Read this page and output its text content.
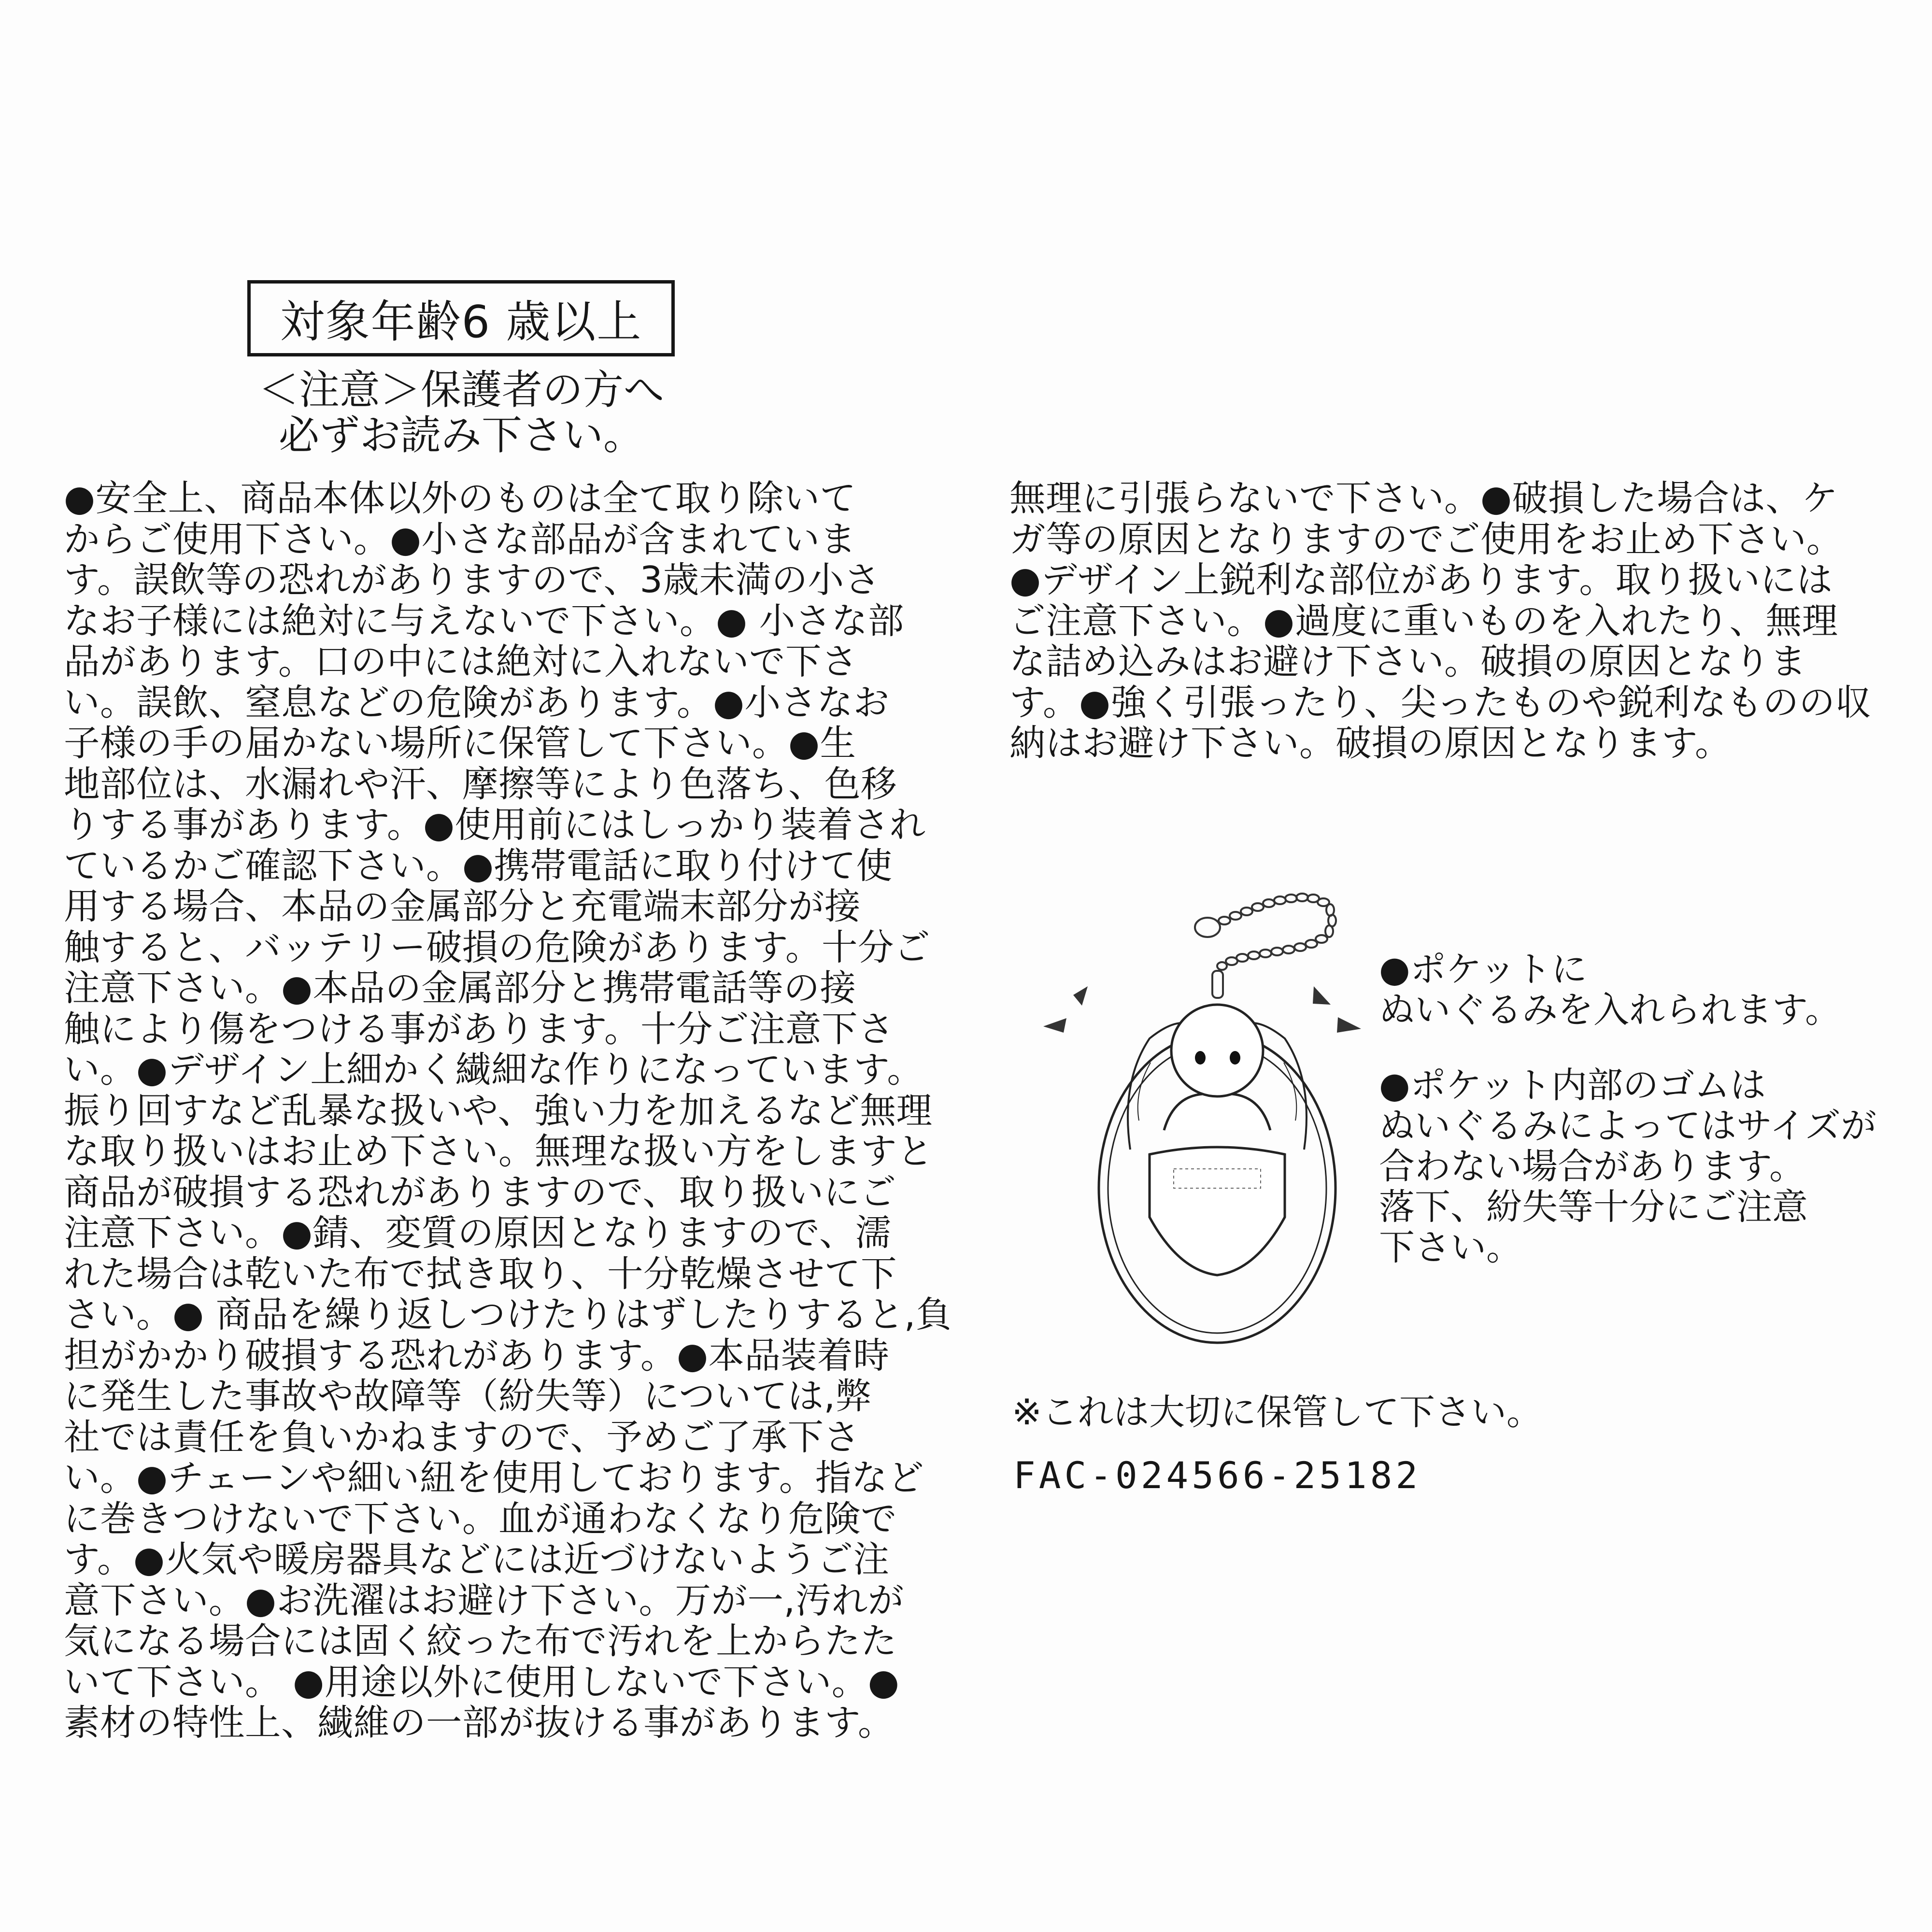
対象年齢6 歳以上
＜注意＞保護者の方へ
必ずお読み下さい。
●安全上、商品本体以外のものは全て取り除いて
からご使用下さい。●小さな部品が含まれていま
す。誤飲等の恐れがありますので、3歳未満の小さ
なお子様には絶対に与えないで下さい。● 小さな部
品があります。口の中には絶対に入れないで下さ
い。誤飲、窒息などの危険があります。●小さなお
子様の手の届かない場所に保管して下さい。●生
地部位は、水漏れや汗、摩擦等により色落ち、色移
りする事があります。●使用前にはしっかり装着され
ているかご確認下さい。●携帯電話に取り付けて使
用する場合、本品の金属部分と充電端末部分が接
触すると、バッテリー破損の危険があります。十分ご
注意下さい。●本品の金属部分と携帯電話等の接
触により傷をつける事があります。十分ご注意下さ
い。●デザイン上細かく繊細な作りになっています。
振り回すなど乱暴な扱いや、強い力を加えるなど無理
な取り扱いはお止め下さい。無理な扱い方をしますと
商品が破損する恐れがありますので、取り扱いにご
注意下さい。●錆、変質の原因となりますので、濡
れた場合は乾いた布で拭き取り、十分乾燥させて下
さい。● 商品を繰り返しつけたりはずしたりすると,負
担がかかり破損する恐れがあります。●本品装着時
に発生した事故や故障等（紛失等）については,弊
社では責任を負いかねますので、予めご了承下さ
い。●チェーンや細い紐を使用しております。指など
に巻きつけないで下さい。血が通わなくなり危険で
す。●火気や暖房器具などには近づけないようご注
意下さい。●お洗濯はお避け下さい。万が一,汚れが
気になる場合には固く絞った布で汚れを上からたた
いて下さい。 ●用途以外に使用しないで下さい。●
素材の特性上、繊維の一部が抜ける事があります。
無理に引張らないで下さい。●破損した場合は、ケ
ガ等の原因となりますのでご使用をお止め下さい。
●デザイン上鋭利な部位があります。取り扱いには
ご注意下さい。●過度に重いものを入れたり、無理
な詰め込みはお避け下さい。破損の原因となりま
す。●強く引張ったり、尖ったものや鋭利なものの収
納はお避け下さい。破損の原因となります。
●ポケットに
ぬいぐるみを入れられます。
●ポケット内部のゴムは
ぬいぐるみによってはサイズが
合わない場合があります。
落下、紛失等十分にご注意
下さい。
※これは大切に保管して下さい。
FAC-024566-25182
